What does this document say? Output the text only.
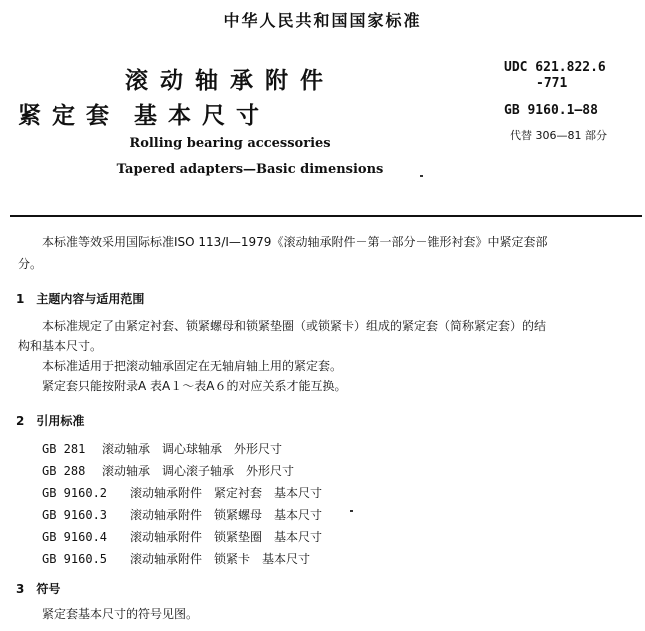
中华人民共和国国家标准
滚动轴承附件
紧定套 基本尺寸
Rolling bearing accessories
Tapered adapters—Basic dimensions
UDC 621.822.6
-771
GB 9160.1—88
代替 306—81 部分
本标准等效采用国际标准ISO 113/Ⅰ—1979《滚动轴承附件－第一部分－锥形衬套》中紧定套部
分。
1　主题内容与适用范围
本标准规定了由紧定衬套、锁紧螺母和锁紧垫圈（或锁紧卡）组成的紧定套（简称紧定套）的结
构和基本尺寸。
本标准适用于把滚动轴承固定在无轴肩轴上用的紧定套。
紧定套只能按附录A 表A１～表A６的对应关系才能互换。
2　引用标准
GB 281 滚动轴承　调心球轴承　外形尺寸
GB 288 滚动轴承　调心滚子轴承　外形尺寸
GB 9160.2 滚动轴承附件　紧定衬套　基本尺寸
GB 9160.3 滚动轴承附件　锁紧螺母　基本尺寸
GB 9160.4 滚动轴承附件　锁紧垫圈　基本尺寸
GB 9160.5 滚动轴承附件　锁紧卡　基本尺寸
3　符号
紧定套基本尺寸的符号见图。
